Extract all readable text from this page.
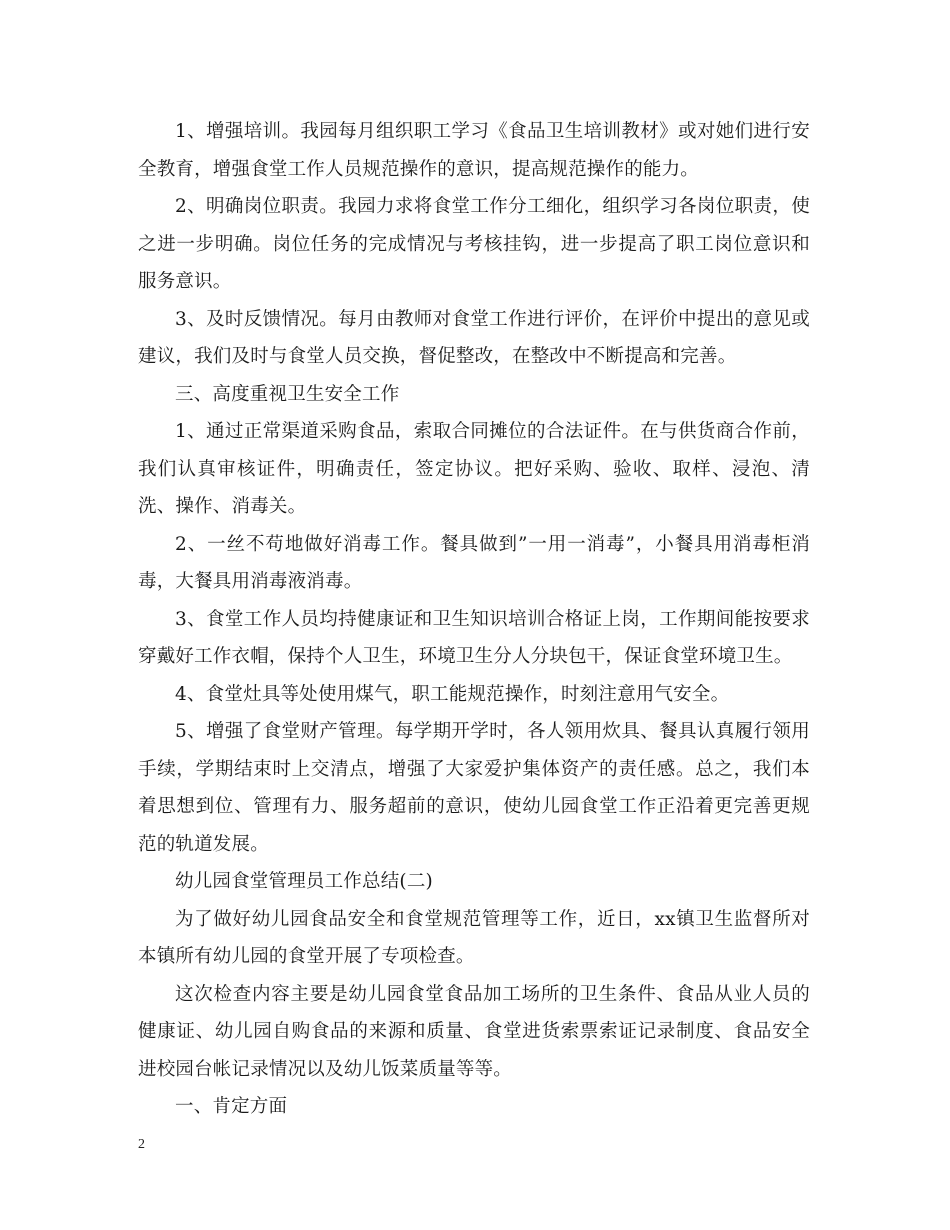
1、增强培训。我园每月组织职工学习《食品卫生培训教材》或对她们进行安全教育，增强食堂工作人员规范操作的意识，提高规范操作的能力。

2、明确岗位职责。我园力求将食堂工作分工细化，组织学习各岗位职责，使之进一步明确。岗位任务的完成情况与考核挂钩，进一步提高了职工岗位意识和服务意识。

3、及时反馈情况。每月由教师对食堂工作进行评价，在评价中提出的意见或建议，我们及时与食堂人员交换，督促整改，在整改中不断提高和完善。

三、高度重视卫生安全工作

1、通过正常渠道采购食品，索取合同摊位的合法证件。在与供货商合作前，我们认真审核证件，明确责任，签定协议。把好采购、验收、取样、浸泡、清洗、操作、消毒关。

2、一丝不苟地做好消毒工作。餐具做到”一用一消毒”，小餐具用消毒柜消毒，大餐具用消毒液消毒。

3、食堂工作人员均持健康证和卫生知识培训合格证上岗，工作期间能按要求穿戴好工作衣帽，保持个人卫生，环境卫生分人分块包干，保证食堂环境卫生。

4、食堂灶具等处使用煤气，职工能规范操作，时刻注意用气安全。

5、增强了食堂财产管理。每学期开学时，各人领用炊具、餐具认真履行领用手续，学期结束时上交清点，增强了大家爱护集体资产的责任感。总之，我们本着思想到位、管理有力、服务超前的意识，使幼儿园食堂工作正沿着更完善更规范的轨道发展。

幼儿园食堂管理员工作总结(二)

为了做好幼儿园食品安全和食堂规范管理等工作，近日，xx镇卫生监督所对本镇所有幼儿园的食堂开展了专项检查。

这次检查内容主要是幼儿园食堂食品加工场所的卫生条件、食品从业人员的健康证、幼儿园自购食品的来源和质量、食堂进货索票索证记录制度、食品安全进校园台帐记录情况以及幼儿饭菜质量等等。

一、肯定方面

2
